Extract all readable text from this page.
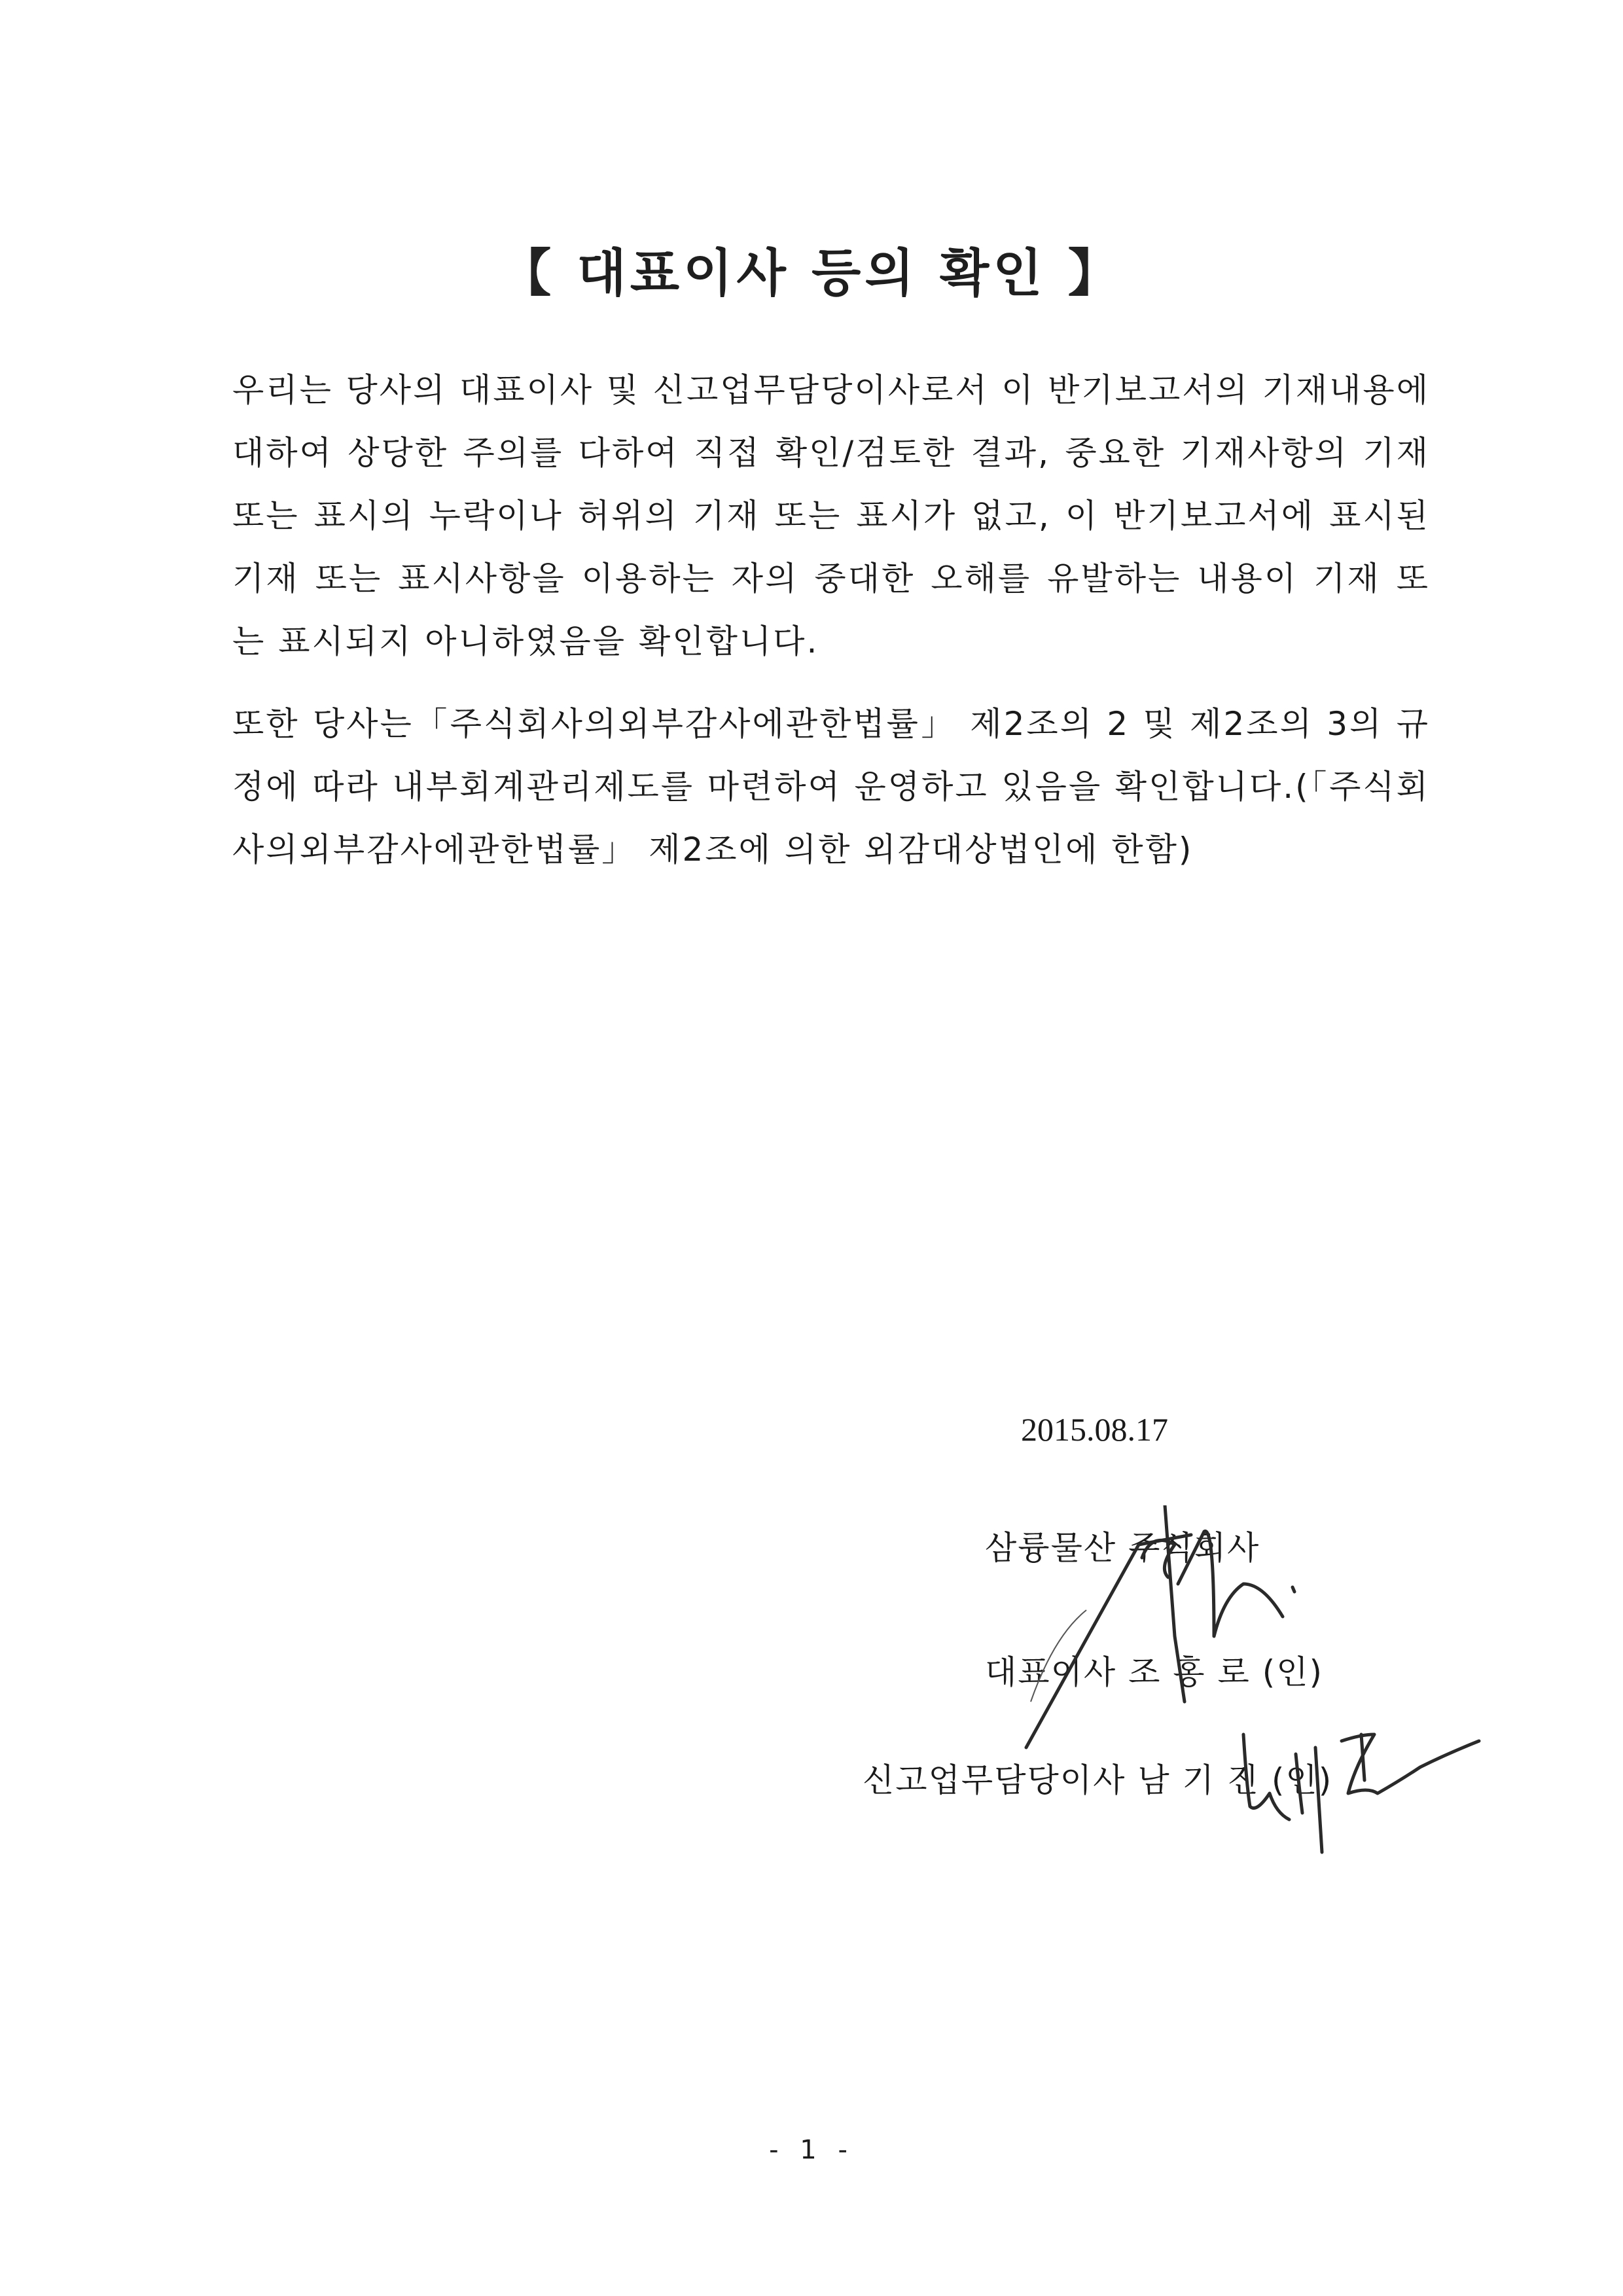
【 대표이사 등의 확인 】
우리는 당사의 대표이사 및 신고업무담당이사로서 이 반기보고서의 기재내용에 대하여 상당한 주의를 다하여 직접 확인/검토한 결과, 중요한 기재사항의 기재 또는 표시의 누락이나 허위의 기재 또는 표시가 없고, 이 반기보고서에 표시된 기재 또는 표시사항을 이용하는 자의 중대한 오해를 유발하는 내용이 기재 또는 표시되지 아니하였음을 확인합니다.
또한 당사는「주식회사의외부감사에관한법률」 제2조의 2 및 제2조의 3의 규정에 따라 내부회계관리제도를 마련하여 운영하고 있음을 확인합니다.(「주식회사의외부감사에관한법률」 제2조에 의한 외감대상법인에 한함)
2015.08.17
삼륭물산 주식회사
대표이사 조 홍 로 (인)
신고업무담당이사 남 기 진 (인)
- 1 -
